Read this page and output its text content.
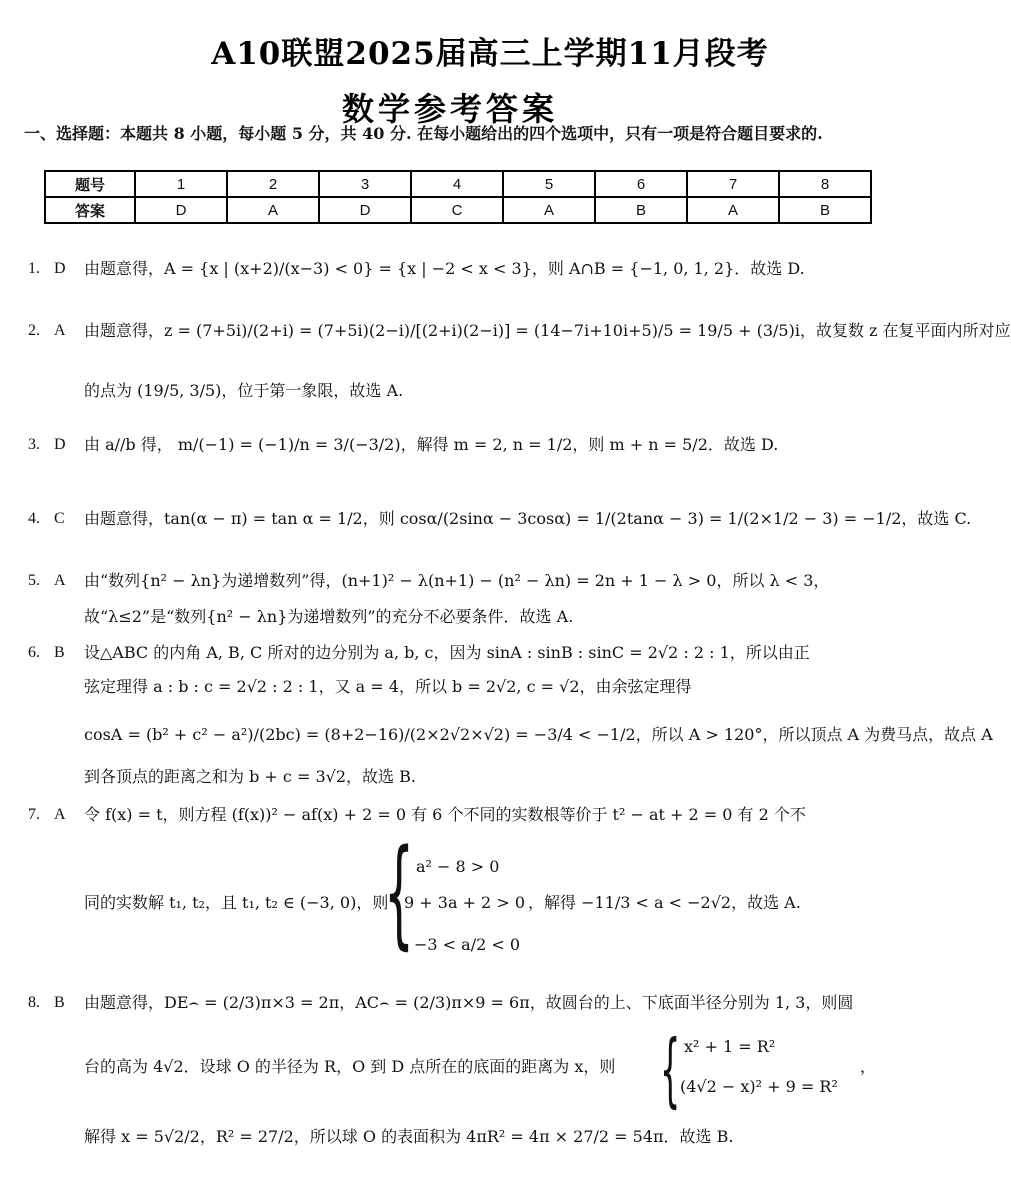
A10联盟2025届高三上学期11月段考
数学参考答案
一、选择题：本题共 8 小题，每小题 5 分，共 40 分. 在每小题给出的四个选项中，只有一项是符合题目要求的.
题号	1	2	3	4	5	6	7	8
答案	D	A	D	C	A	B	A	B
1. D 由题意得，A = {x | (x+2)/(x−3) < 0} = {x | −2 < x < 3}，则 A∩B = {−1, 0, 1, 2}．故选 D.
2. A 由题意得，z = (7+5i)/(2+i) = (7+5i)(2−i)/[(2+i)(2−i)] = (14−7i+10i+5)/5 = 19/5 + (3/5)i，故复数 z 在复平面内所对应
的点为 (19/5, 3/5)，位于第一象限，故选 A.
3. D 由 a//b 得， m/(−1) = (−1)/n = 3/(−3/2)，解得 m = 2, n = 1/2，则 m + n = 5/2．故选 D.
4. C 由题意得，tan(α − π) = tan α = 1/2，则 cosα/(2sinα − 3cosα) = 1/(2tanα − 3) = 1/(2×1/2 − 3) = −1/2，故选 C.
5. A 由“数列{n² − λn}为递增数列”得，(n+1)² − λ(n+1) − (n² − λn) = 2n + 1 − λ > 0，所以 λ < 3，
故“λ≤2”是“数列{n² − λn}为递增数列”的充分不必要条件．故选 A.
6. B 设△ABC 的内角 A, B, C 所对的边分别为 a, b, c，因为 sinA : sinB : sinC = 2√2 : 2 : 1，所以由正
弦定理得 a : b : c = 2√2 : 2 : 1，又 a = 4，所以 b = 2√2, c = √2，由余弦定理得
cosA = (b² + c² − a²)/(2bc) = (8+2−16)/(2×2√2×√2) = −3/4 < −1/2，所以 A > 120°，所以顶点 A 为费马点，故点 A
到各顶点的距离之和为 b + c = 3√2，故选 B.
7. A 令 f(x) = t，则方程 (f(x))² − af(x) + 2 = 0 有 6 个不同的实数根等价于 t² − at + 2 = 0 有 2 个不
同的实数解 t₁, t₂，且 t₁, t₂ ∈ (−3, 0)，则
{ a² − 8 > 0
9 + 3a + 2 > 0
−3 < a/2 < 0
，解得 −11/3 < a < −2√2，故选 A.
8. B 由题意得，DE⌢ = (2/3)π×3 = 2π，AC⌢ = (2/3)π×9 = 6π，故圆台的上、下底面半径分别为 1, 3，则圆
台的高为 4√2．设球 O 的半径为 R，O 到 D 点所在的底面的距离为 x，则 { x² + 1 = R²
(4√2 − x)² + 9 = R²
，
解得 x = 5√2/2，R² = 27/2，所以球 O 的表面积为 4πR² = 4π × 27/2 = 54π．故选 B.
